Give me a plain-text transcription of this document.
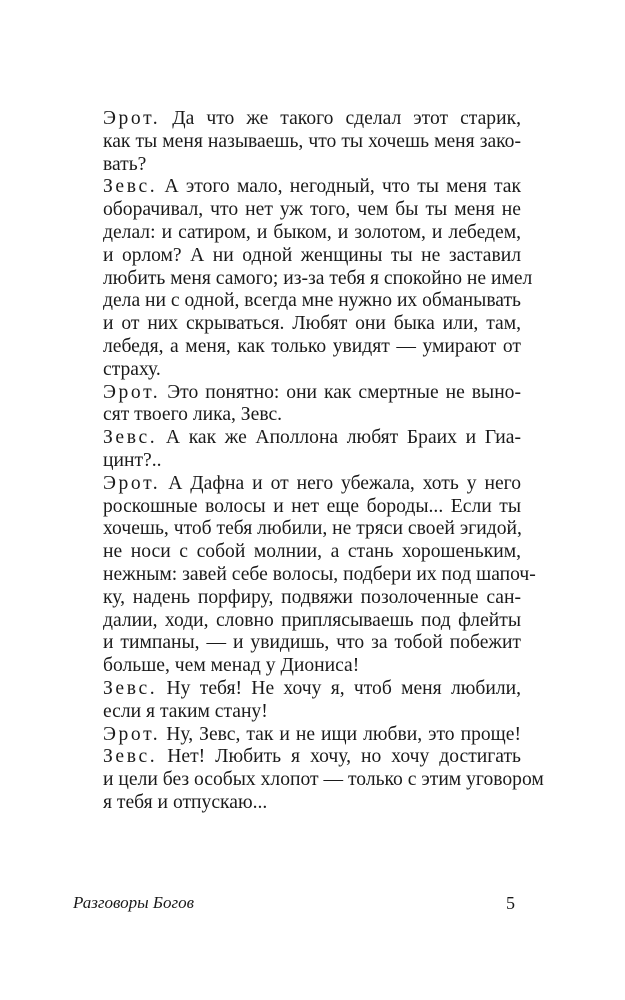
Эрот. Да что же такого сделал этот старик,
как ты меня называешь, что ты хочешь меня зако-
вать?

Зевс. А этого мало, негодный, что ты меня так
оборачивал, что нет уж того, чем бы ты меня не
делал: и сатиром, и быком, и золотом, и лебедем,
и орлом? А ни одной женщины ты не заставил
любить меня самого; из-за тебя я спокойно не имел
дела ни с одной, всегда мне нужно их обманывать
и от них скрываться. Любят они быка или, там,
лебедя, а меня, как только увидят — умирают от
страху.

Эрот. Это понятно: они как смертные не выно-
сят твоего лика, Зевс.

Зевс. А как же Аполлона любят Браих и Гиа-
цинт?..

Эрот. А Дафна и от него убежала, хоть у него
роскошные волосы и нет еще бороды... Если ты
хочешь, чтоб тебя любили, не тряси своей эгидой,
не носи с собой молнии, а стань хорошеньким,
нежным: завей себе волосы, подбери их под шапоч-
ку, надень порфиру, подвяжи позолоченные сан-
далии, ходи, словно приплясываешь под флейты
и тимпаны, — и увидишь, что за тобой побежит
больше, чем менад у Диониса!

Зевс. Ну тебя! Не хочу я, чтоб меня любили,
если я таким стану!

Эрот. Ну, Зевс, так и не ищи любви, это проще!

Зевс. Нет! Любить я хочу, но хочу достигать
и цели без особых хлопот — только с этим уговором
я тебя и отпускаю...

Разговоры Богов	5
